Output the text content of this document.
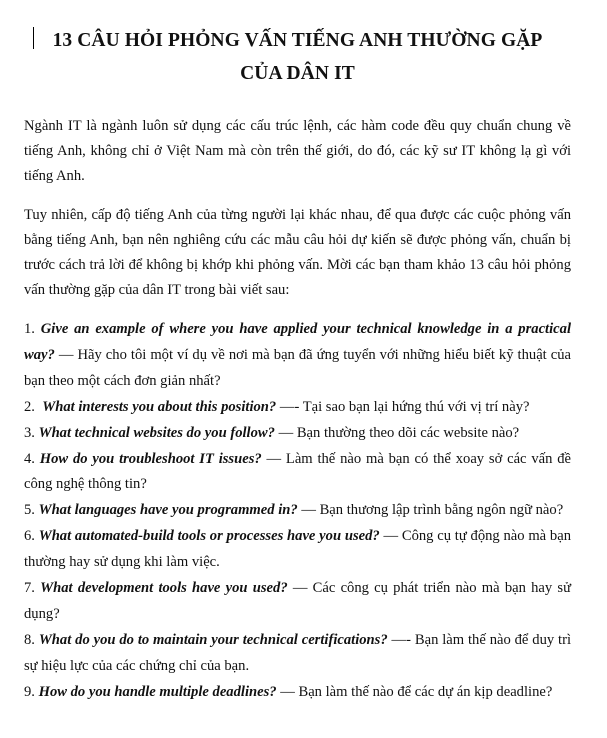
13 CÂU HỎI PHỎNG VẤN TIẾNG ANH THƯỜNG GẶP
CỦA DÂN IT

Ngành IT là ngành luôn sử dụng các cấu trúc lệnh, các hàm code đều quy chuẩn chung về tiếng Anh, không chỉ ở Việt Nam mà còn trên thế giới, do đó, các kỹ sư IT không lạ gì với tiếng Anh.

Tuy nhiên, cấp độ tiếng Anh của từng người lại khác nhau, để qua được các cuộc phỏng vấn bằng tiếng Anh, bạn nên nghiêng cứu các mẫu câu hỏi dự kiến sẽ được phỏng vấn, chuẩn bị trước cách trả lời để không bị khớp khi phỏng vấn. Mời các bạn tham khảo 13 câu hỏi phỏng vấn thường gặp của dân IT trong bài viết sau:

1. Give an example of where you have applied your technical knowledge in a practical way? — Hãy cho tôi một ví dụ về nơi mà bạn đã ứng tuyển với những hiểu biết kỹ thuật của bạn theo một cách đơn giản nhất?

2.  What interests you about this position? —- Tại sao bạn lại hứng thú với vị trí này?

3. What technical websites do you follow? — Bạn thường theo dõi các website nào?

4. How do you troubleshoot IT issues? — Làm thế nào mà bạn có thể xoay sở các vấn đề công nghệ thông tin?

5. What languages have you programmed in? — Bạn thương lập trình bằng ngôn ngữ nào?

6. What automated-build tools or processes have you used? — Công cụ tự động nào mà bạn thường hay sử dụng khi làm việc.

7. What development tools have you used? — Các công cụ phát triển nào mà bạn hay sử dụng?

8. What do you do to maintain your technical certifications? —- Bạn làm thế nào để duy trì sự hiệu lực của các chứng chỉ của bạn.

9. How do you handle multiple deadlines? — Bạn làm thế nào để các dự án kịp deadline?
